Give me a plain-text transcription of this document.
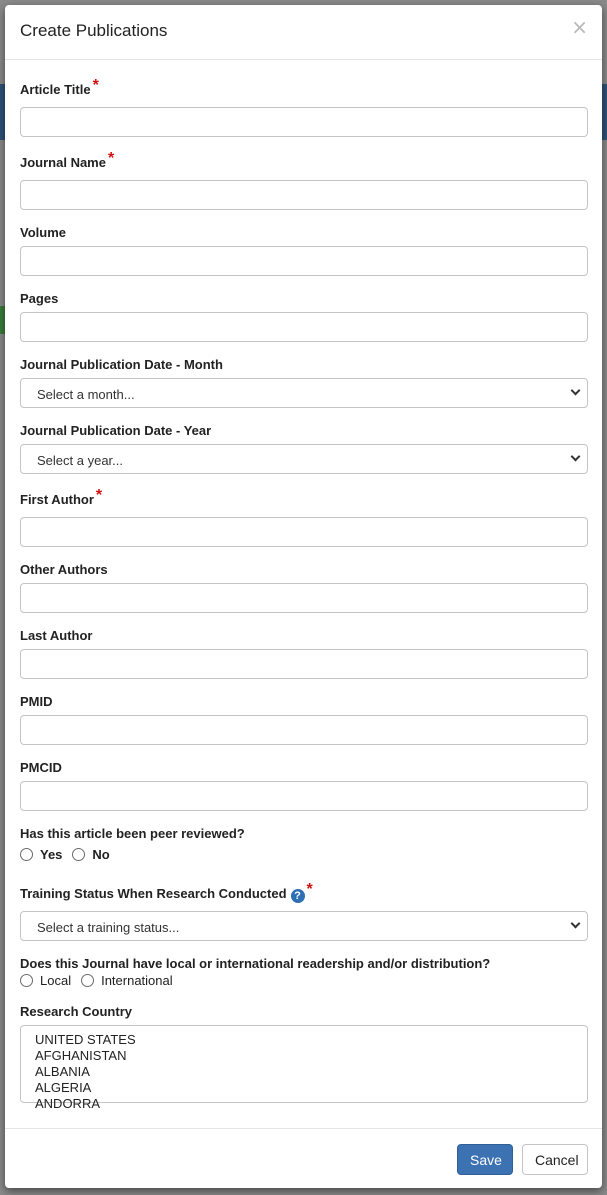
Create Publications	×
Article Title *
Journal Name *
Volume
Pages
Journal Publication Date - Month
Select a month...
Journal Publication Date - Year
Select a year...
First Author *
Other Authors
Last Author
PMID
PMCID
Has this article been peer reviewed?
Yes No
Training Status When Research Conducted ? *
Select a training status...
Does this Journal have local or international readership and/or distribution?
Local International
Research Country
UNITED STATES
AFGHANISTAN
ALBANIA
ALGERIA
ANDORRA
Save	Cancel
